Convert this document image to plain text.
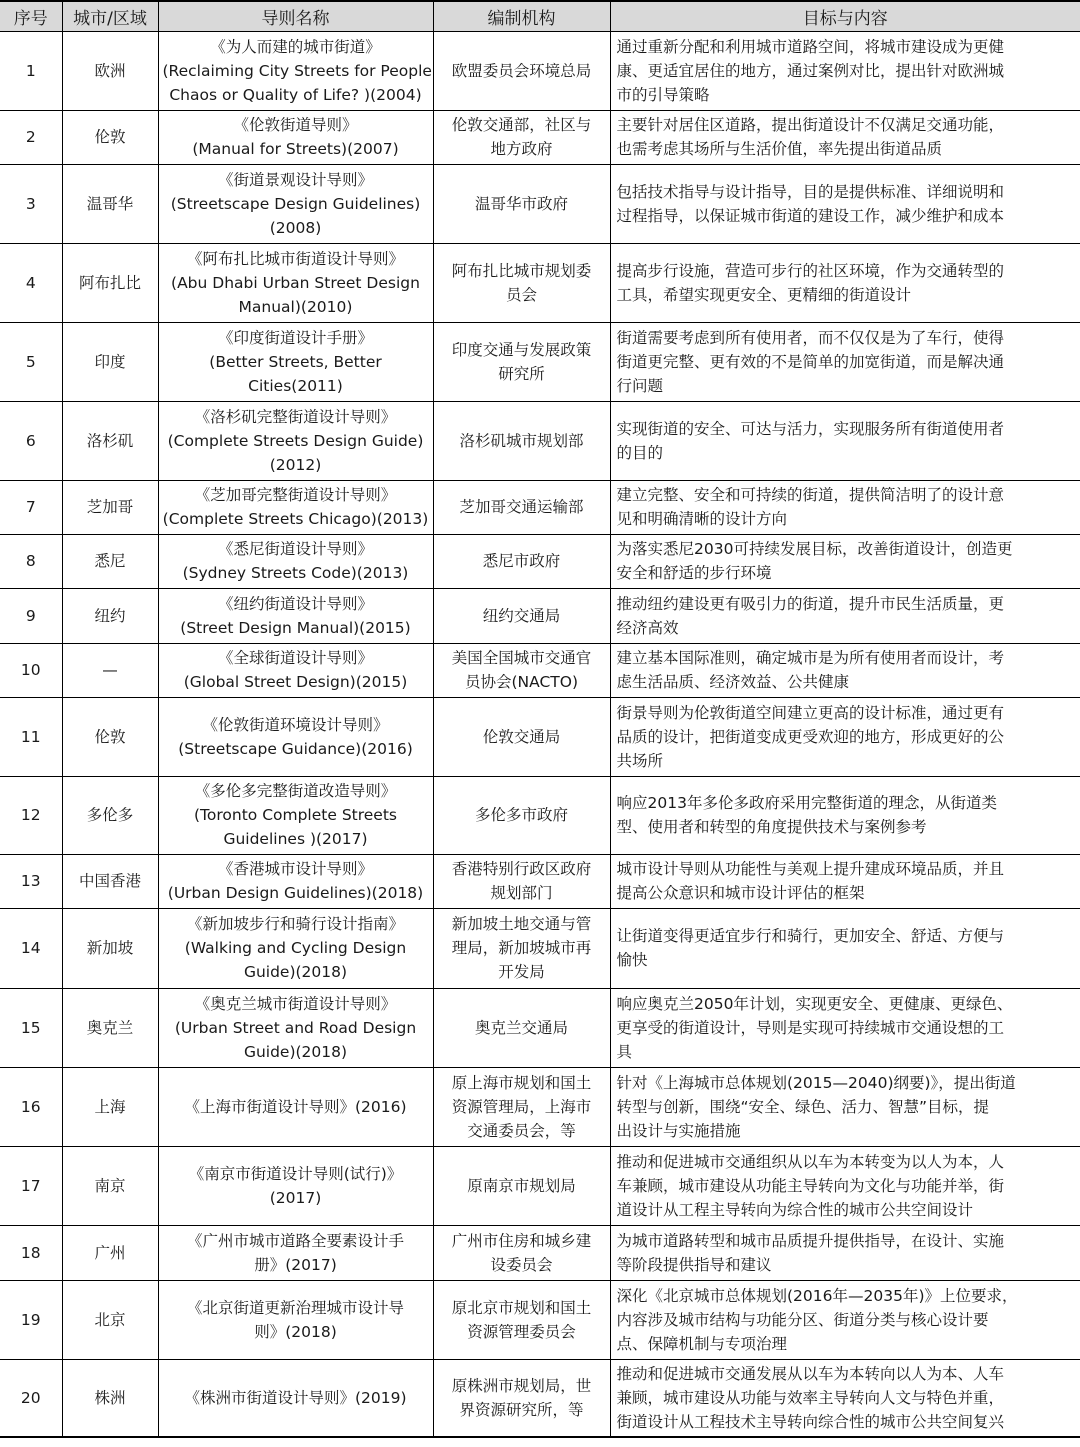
序号	城市/区域	导则名称	编制机构	目标与内容
1	欧洲	《为人而建的城市街道》
(Reclaiming City Streets for People
Chaos or Quality of Life? )(2004)	欧盟委员会环境总局	通过重新分配和利用城市道路空间，将城市建设成为更健
康、更适宜居住的地方，通过案例对比，提出针对欧洲城
市的引导策略

2	伦敦	《伦敦街道导则》
(Manual for Streets)(2007)	伦敦交通部，社区与
地方政府	主要针对居住区道路，提出街道设计不仅满足交通功能，
也需考虑其场所与生活价值，率先提出街道品质

3	温哥华	《街道景观设计导则》
(Streetscape Design Guidelines)
(2008)	温哥华市政府	包括技术指导与设计指导，目的是提供标准、详细说明和
过程指导，以保证城市街道的建设工作，减少维护和成本

4	阿布扎比	《阿布扎比城市街道设计导则》
(Abu Dhabi Urban Street Design
Manual)(2010)	阿布扎比城市规划委
员会	提高步行设施，营造可步行的社区环境，作为交通转型的
工具，希望实现更安全、更精细的街道设计

5	印度	《印度街道设计手册》
(Better Streets, Better
Cities(2011)	印度交通与发展政策
研究所	街道需要考虑到所有使用者，而不仅仅是为了车行，使得
街道更完整、更有效的不是简单的加宽街道，而是解决通
行问题

6	洛杉矶	《洛杉矶完整街道设计导则》
(Complete Streets Design Guide)
(2012)	洛杉矶城市规划部	实现街道的安全、可达与活力，实现服务所有街道使用者
的目的

7	芝加哥	《芝加哥完整街道设计导则》
(Complete Streets Chicago)(2013)	芝加哥交通运输部	建立完整、安全和可持续的街道，提供简洁明了的设计意
见和明确清晰的设计方向

8	悉尼	《悉尼街道设计导则》
(Sydney Streets Code)(2013)	悉尼市政府	为落实悉尼2030可持续发展目标，改善街道设计，创造更
安全和舒适的步行环境

9	纽约	《纽约街道设计导则》
(Street Design Manual)(2015)	纽约交通局	推动纽约建设更有吸引力的街道，提升市民生活质量，更
经济高效

10	—	《全球街道设计导则》
(Global Street Design)(2015)	美国全国城市交通官
员协会(NACTO)	建立基本国际准则，确定城市是为所有使用者而设计，考
虑生活品质、经济效益、公共健康

11	伦敦	《伦敦街道环境设计导则》
(Streetscape Guidance)(2016)	伦敦交通局	街景导则为伦敦街道空间建立更高的设计标准，通过更有
品质的设计，把街道变成更受欢迎的地方，形成更好的公
共场所

12	多伦多	《多伦多完整街道改造导则》
(Toronto Complete Streets
Guidelines )(2017)	多伦多市政府	响应2013年多伦多政府采用完整街道的理念，从街道类
型、使用者和转型的角度提供技术与案例参考

13	中国香港	《香港城市设计导则》
(Urban Design Guidelines)(2018)	香港特别行政区政府
规划部门	城市设计导则从功能性与美观上提升建成环境品质，并且
提高公众意识和城市设计评估的框架

14	新加坡	《新加坡步行和骑行设计指南》
(Walking and Cycling Design
Guide)(2018)	新加坡土地交通与管
理局，新加坡城市再
开发局	让街道变得更适宜步行和骑行，更加安全、舒适、方便与
愉快

15	奥克兰	《奥克兰城市街道设计导则》
(Urban Street and Road Design
Guide)(2018)	奥克兰交通局	响应奥克兰2050年计划，实现更安全、更健康、更绿色、
更享受的街道设计，导则是实现可持续城市交通设想的工
具

16	上海	《上海市街道设计导则》(2016)	原上海市规划和国土
资源管理局，上海市
交通委员会，等	针对《上海城市总体规划(2015—2040)纲要)》，提出街道
转型与创新，围绕“安全、绿色、活力、智慧”目标，提
出设计与实施措施

17	南京	《南京市街道设计导则(试行)》
(2017)	原南京市规划局	推动和促进城市交通组织从以车为本转变为以人为本，人
车兼顾，城市建设从功能主导转向为文化与功能并举，街
道设计从工程主导转向为综合性的城市公共空间设计

18	广州	《广州市城市道路全要素设计手
册》(2017)	广州市住房和城乡建
设委员会	为城市道路转型和城市品质提升提供指导，在设计、实施
等阶段提供指导和建议

19	北京	《北京街道更新治理城市设计导
则》(2018)	原北京市规划和国土
资源管理委员会	深化《北京城市总体规划(2016年—2035年)》上位要求，
内容涉及城市结构与功能分区、街道分类与核心设计要
点、保障机制与专项治理

20	株洲	《株洲市街道设计导则》(2019)	原株洲市规划局，世
界资源研究所，等	推动和促进城市交通发展从以车为本转向以人为本、人车
兼顾，城市建设从功能与效率主导转向人文与特色并重，
街道设计从工程技术主导转向综合性的城市公共空间复兴
